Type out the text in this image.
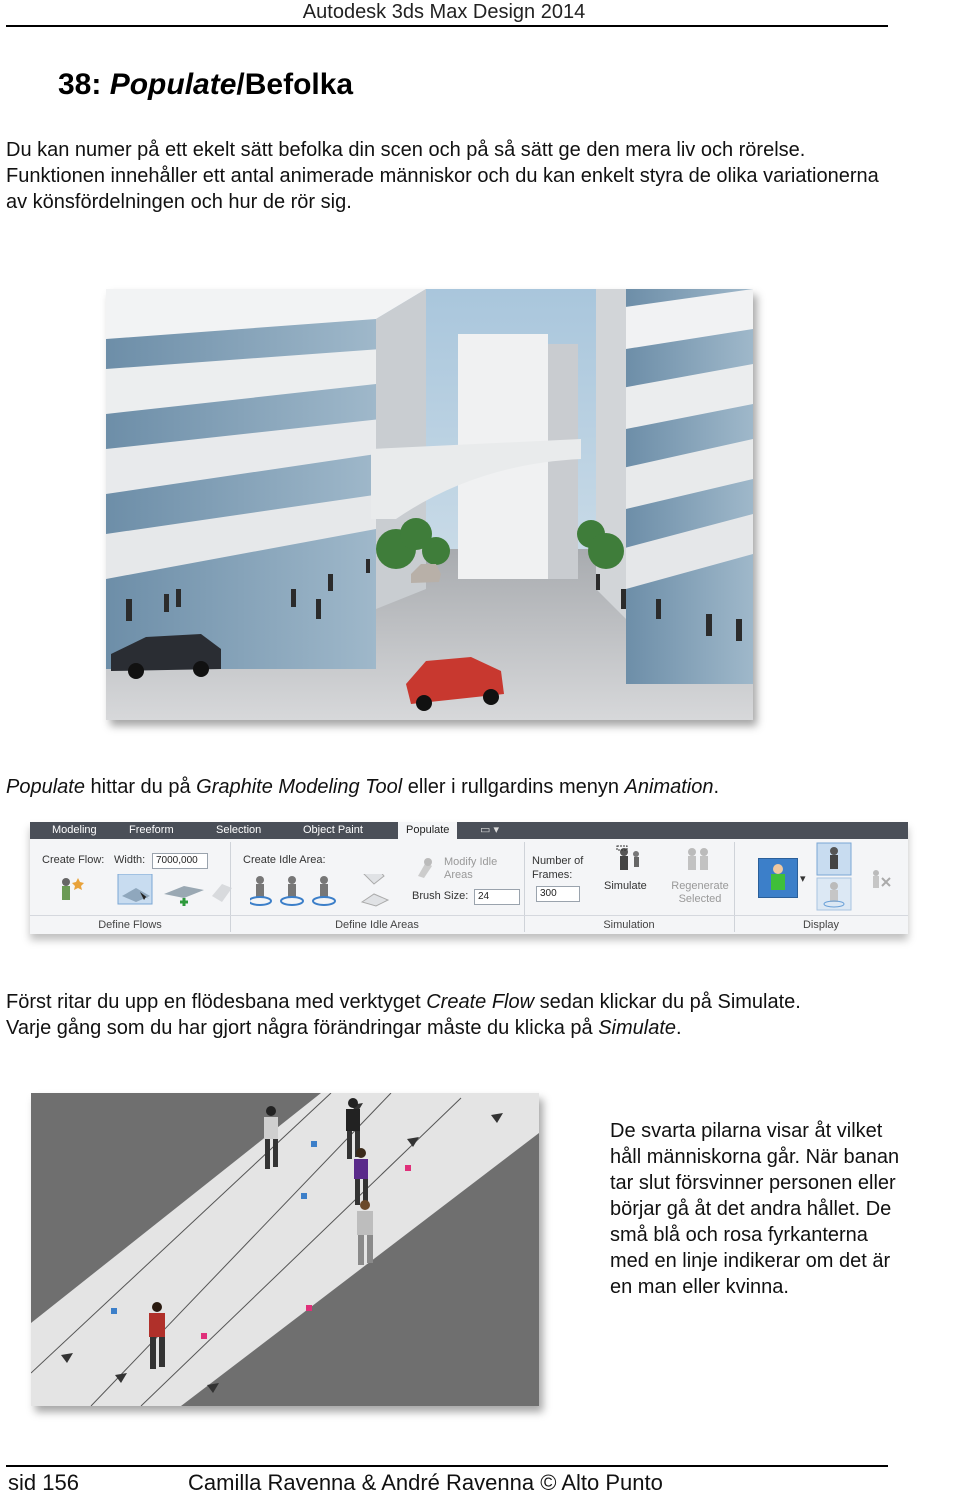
Autodesk 3ds Max Design 2014
38: Populate/Befolka
Du kan numer på ett ekelt sätt befolka din scen och på så sätt ge den mera liv och rörelse. Funktionen innehåller ett antal animerade människor och du kan enkelt styra de olika variationerna av könsfördelningen och hur de rör sig.
Populate hittar du på Graphite Modeling Tool eller i rullgardins menyn Animation.
Modeling	Freeform	Selection	Object Paint	Populate	▭ ▾
Create Flow: Width:	7000,000	Create Idle Area:	Modify Idle Areas
Brush Size: 24
Number of Frames:
300
Simulate Regenerate Selected
▾
Define Flows	Define Idle Areas	Simulation	Display
Först ritar du upp en flödesbana med verktyget Create Flow sedan klickar du på Simulate.
Varje gång som du har gjort några förändringar måste du klicka på Simulate.
De svarta pilarna visar åt vilket håll människorna går. När banan tar slut försvinner personen eller börjar gå åt det andra hållet. De små blå och rosa fyrkanterna med en linje indikerar om det är en man eller kvinna.
sid 156	Camilla Ravenna & André Ravenna © Alto Punto
